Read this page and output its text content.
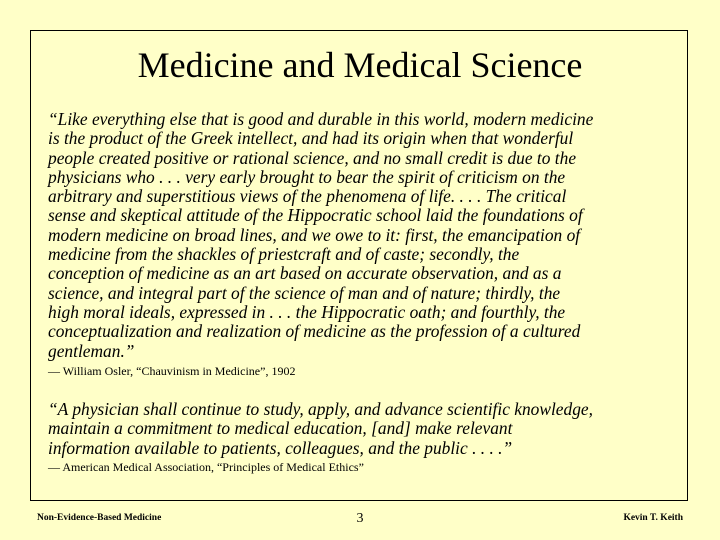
Medicine and Medical Science

“Like everything else that is good and durable in this world, modern medicine
is the product of the Greek intellect, and had its origin when that wonderful
people created positive or rational science, and no small credit is due to the
physicians who . . . very early brought to bear the spirit of criticism on the
arbitrary and superstitious views of the phenomena of life. . . . The critical
sense and skeptical attitude of the Hippocratic school laid the foundations of
modern medicine on broad lines, and we owe to it: first, the emancipation of
medicine from the shackles of priestcraft and of caste; secondly, the
conception of medicine as an art based on accurate observation, and as a
science, and integral part of the science of man and of nature; thirdly, the
high moral ideals, expressed in . . . the Hippocratic oath; and fourthly, the
conceptualization and realization of medicine as the profession of a cultured
gentleman.”

— William Osler, “Chauvinism in Medicine”, 1902

“A physician shall continue to study, apply, and advance scientific knowledge,
maintain a commitment to medical education, [and] make relevant
information available to patients, colleagues, and the public . . . .”

— American Medical Association, “Principles of Medical Ethics”

Non-Evidence-Based Medicine	3	Kevin T. Keith
